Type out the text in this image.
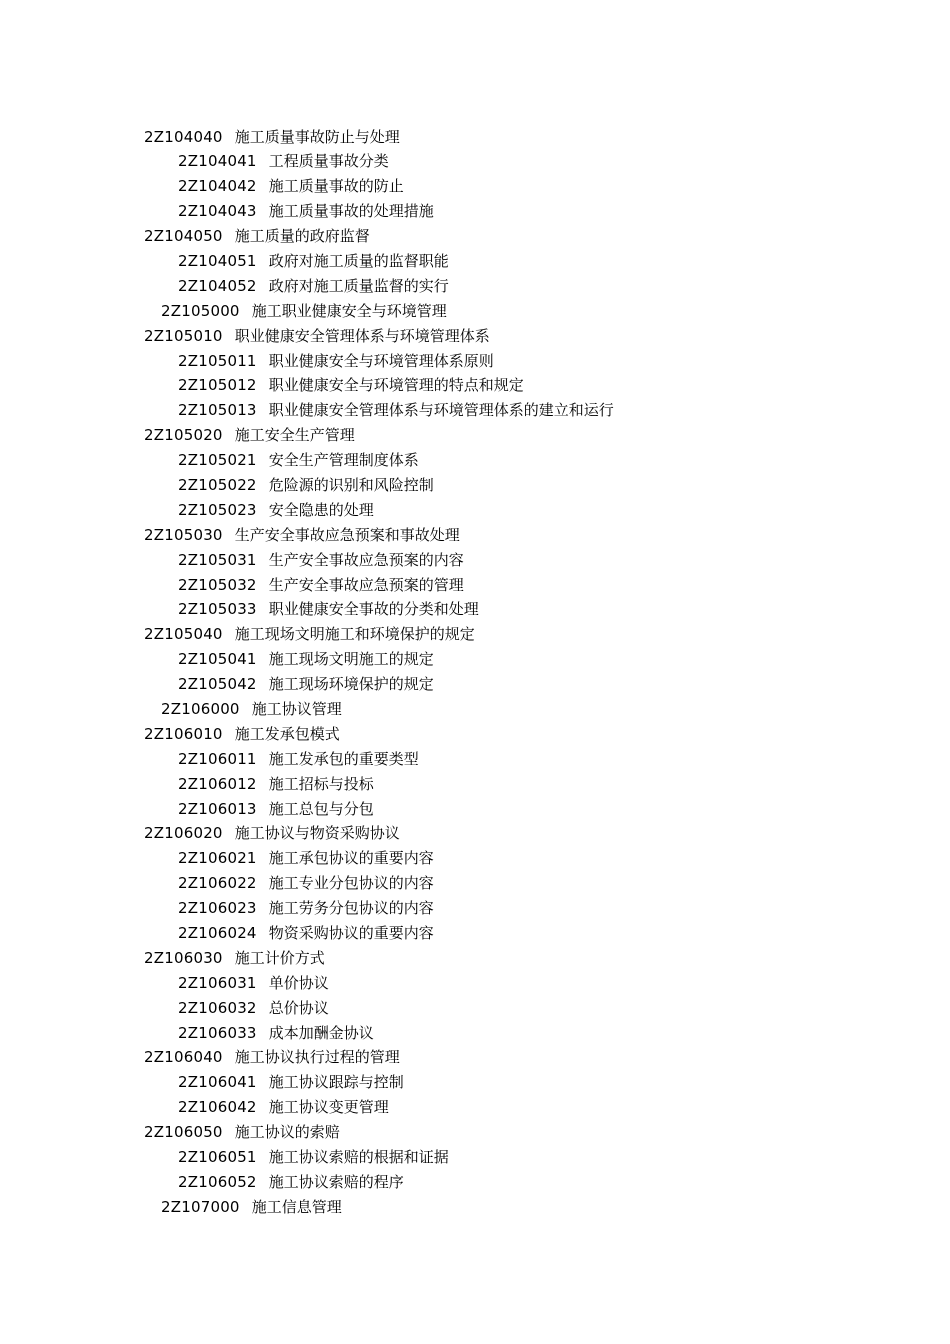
2Z104040 施工质量事故防止与处理
2Z104041 工程质量事故分类
2Z104042 施工质量事故的防止
2Z104043 施工质量事故的处理措施
2Z104050 施工质量的政府监督
2Z104051 政府对施工质量的监督职能
2Z104052 政府对施工质量监督的实行
2Z105000 施工职业健康安全与环境管理
2Z105010 职业健康安全管理体系与环境管理体系
2Z105011 职业健康安全与环境管理体系原则
2Z105012 职业健康安全与环境管理的特点和规定
2Z105013 职业健康安全管理体系与环境管理体系的建立和运行
2Z105020 施工安全生产管理
2Z105021 安全生产管理制度体系
2Z105022 危险源的识别和风险控制
2Z105023 安全隐患的处理
2Z105030 生产安全事故应急预案和事故处理
2Z105031 生产安全事故应急预案的内容
2Z105032 生产安全事故应急预案的管理
2Z105033 职业健康安全事故的分类和处理
2Z105040 施工现场文明施工和环境保护的规定
2Z105041 施工现场文明施工的规定
2Z105042 施工现场环境保护的规定
2Z106000 施工协议管理
2Z106010 施工发承包模式
2Z106011 施工发承包的重要类型
2Z106012 施工招标与投标
2Z106013 施工总包与分包
2Z106020 施工协议与物资采购协议
2Z106021 施工承包协议的重要内容
2Z106022 施工专业分包协议的内容
2Z106023 施工劳务分包协议的内容
2Z106024 物资采购协议的重要内容
2Z106030 施工计价方式
2Z106031 单价协议
2Z106032 总价协议
2Z106033 成本加酬金协议
2Z106040 施工协议执行过程的管理
2Z106041 施工协议跟踪与控制
2Z106042 施工协议变更管理
2Z106050 施工协议的索赔
2Z106051 施工协议索赔的根据和证据
2Z106052 施工协议索赔的程序
2Z107000 施工信息管理
